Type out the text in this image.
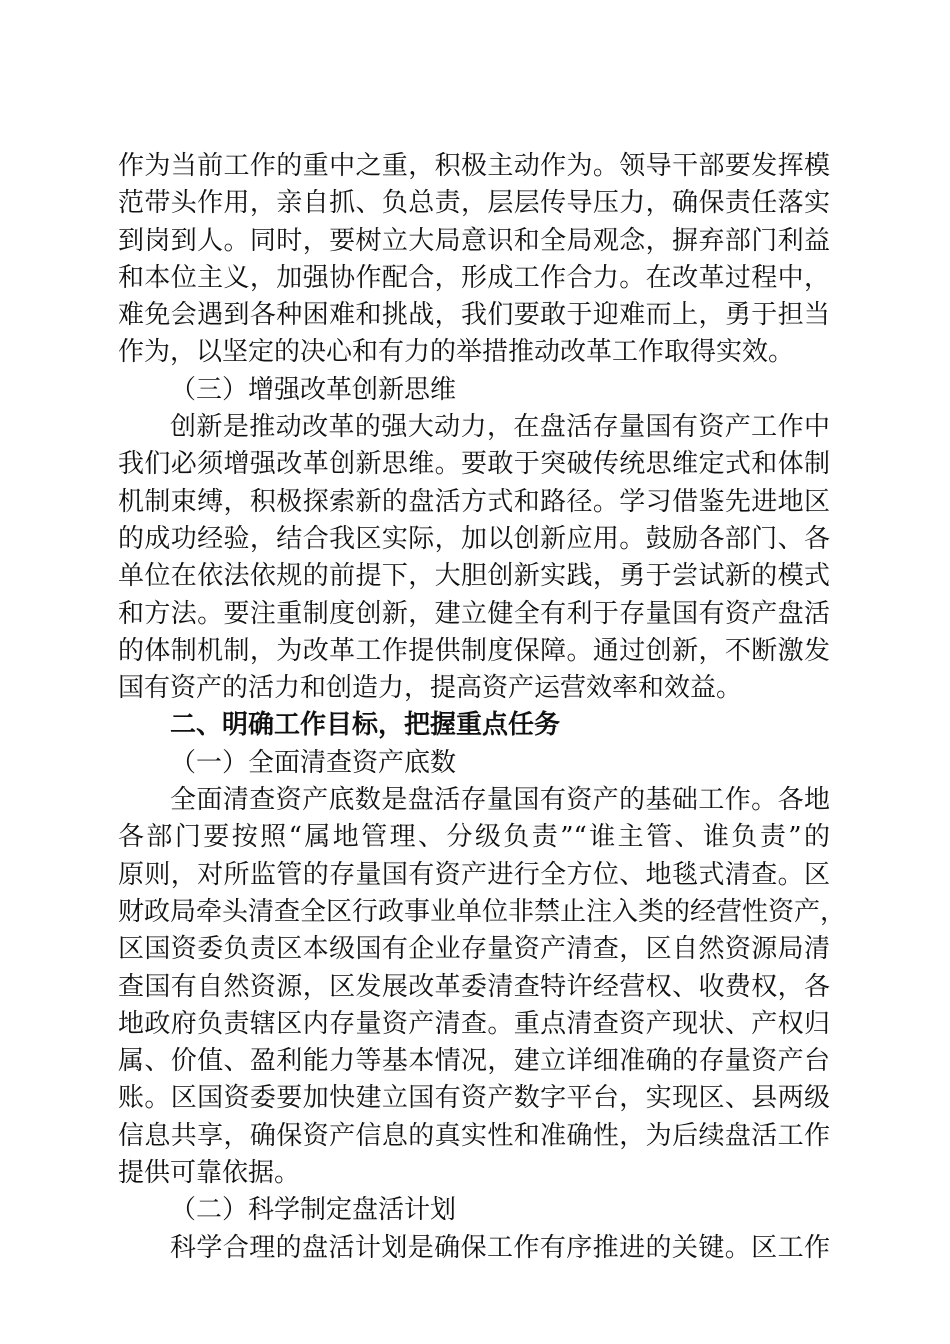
作为当前工作的重中之重，积极主动作为。领导干部要发挥模
范带头作用，亲自抓、负总责，层层传导压力，确保责任落实
到岗到人。同时，要树立大局意识和全局观念，摒弃部门利益
和本位主义，加强协作配合，形成工作合力。在改革过程中，
难免会遇到各种困难和挑战，我们要敢于迎难而上，勇于担当
作为，以坚定的决心和有力的举措推动改革工作取得实效。
（三）增强改革创新思维
创新是推动改革的强大动力，在盘活存量国有资产工作中
我们必须增强改革创新思维。要敢于突破传统思维定式和体制
机制束缚，积极探索新的盘活方式和路径。学习借鉴先进地区
的成功经验，结合我区实际，加以创新应用。鼓励各部门、各
单位在依法依规的前提下，大胆创新实践，勇于尝试新的模式
和方法。要注重制度创新，建立健全有利于存量国有资产盘活
的体制机制，为改革工作提供制度保障。通过创新，不断激发
国有资产的活力和创造力，提高资产运营效率和效益。
二、明确工作目标，把握重点任务
（一）全面清查资产底数
全面清查资产底数是盘活存量国有资产的基础工作。各地
各部门要按照“属地管理、分级负责”“谁主管、谁负责”的
原则，对所监管的存量国有资产进行全方位、地毯式清查。区
财政局牵头清查全区行政事业单位非禁止注入类的经营性资产，
区国资委负责区本级国有企业存量资产清查，区自然资源局清
查国有自然资源，区发展改革委清查特许经营权、收费权，各
地政府负责辖区内存量资产清查。重点清查资产现状、产权归
属、价值、盈利能力等基本情况，建立详细准确的存量资产台
账。区国资委要加快建立国有资产数字平台，实现区、县两级
信息共享，确保资产信息的真实性和准确性，为后续盘活工作
提供可靠依据。
（二）科学制定盘活计划
科学合理的盘活计划是确保工作有序推进的关键。区工作
